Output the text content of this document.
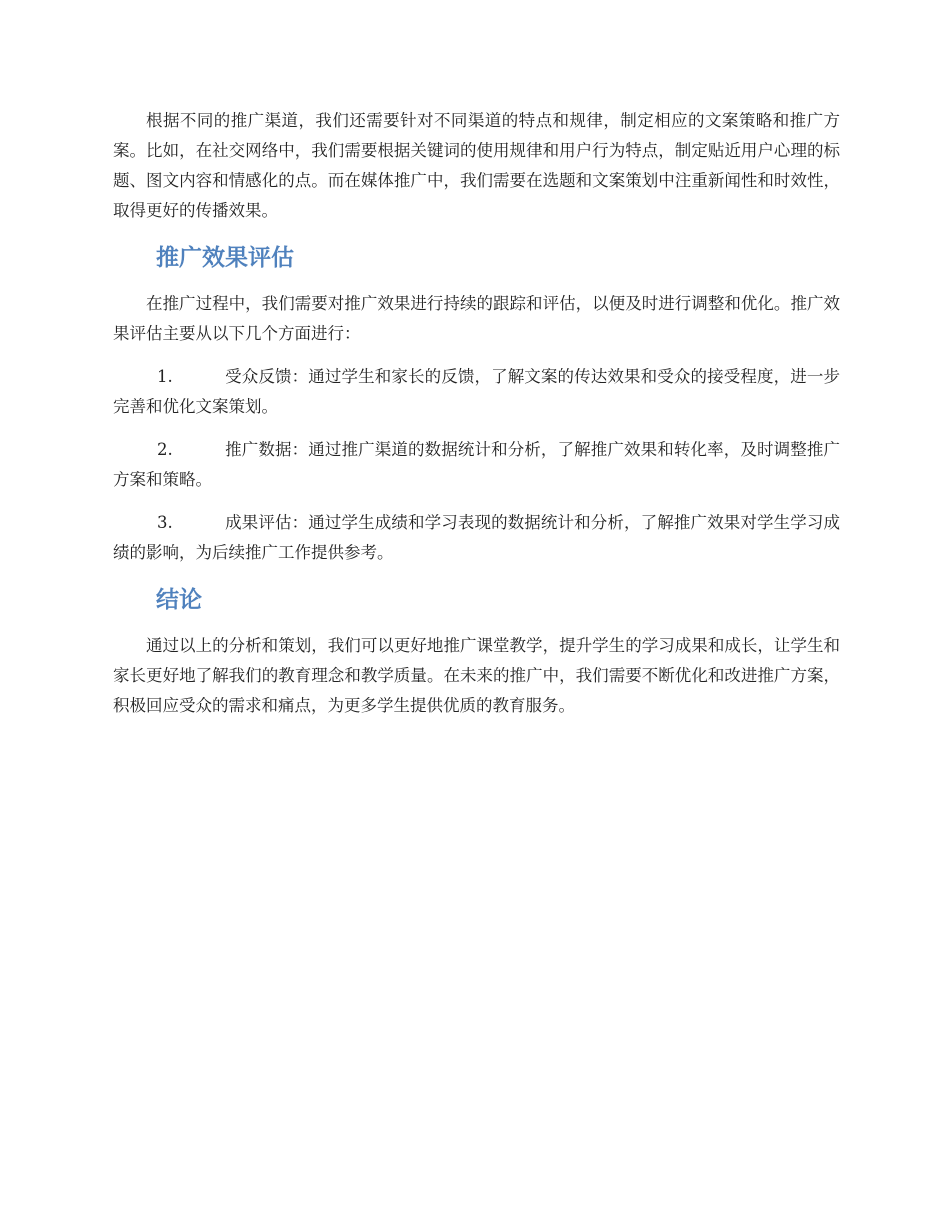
根据不同的推广渠道，我们还需要针对不同渠道的特点和规律，制定相应的文案策略和推广方案。比如，在社交网络中，我们需要根据关键词的使用规律和用户行为特点，制定贴近用户心理的标题、图文内容和情感化的点。而在媒体推广中，我们需要在选题和文案策划中注重新闻性和时效性，取得更好的传播效果。

推广效果评估

在推广过程中，我们需要对推广效果进行持续的跟踪和评估，以便及时进行调整和优化。推广效果评估主要从以下几个方面进行：

1.	受众反馈：通过学生和家长的反馈，了解文案的传达效果和受众的接受程度，进一步完善和优化文案策划。

2.	推广数据：通过推广渠道的数据统计和分析，了解推广效果和转化率，及时调整推广方案和策略。

3.	成果评估：通过学生成绩和学习表现的数据统计和分析，了解推广效果对学生学习成绩的影响，为后续推广工作提供参考。

结论

通过以上的分析和策划，我们可以更好地推广课堂教学，提升学生的学习成果和成长，让学生和家长更好地了解我们的教育理念和教学质量。在未来的推广中，我们需要不断优化和改进推广方案，积极回应受众的需求和痛点，为更多学生提供优质的教育服务。
